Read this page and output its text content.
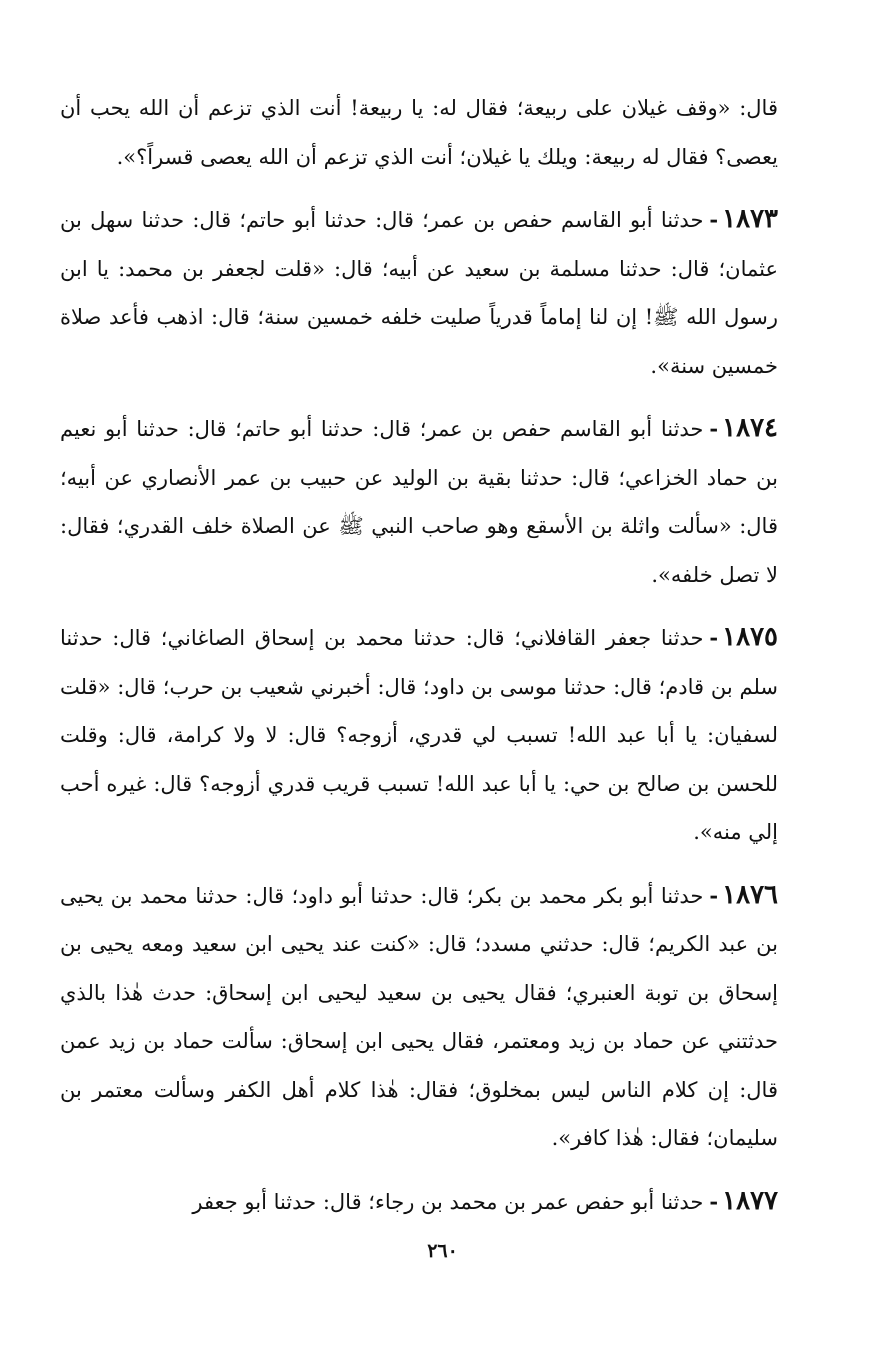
قال: «وقف غيلان على ربيعة؛ فقال له: يا ربيعة! أنت الذي تزعم أن الله يحب أن يعصى؟ فقال له ربيعة: ويلك يا غيلان؛ أنت الذي تزعم أن الله يعصى قسراً؟».

١٨٧٣-حدثنا أبو القاسم حفص بن عمر؛ قال: حدثنا أبو حاتم؛ قال: حدثنا سهل بن عثمان؛ قال: حدثنا مسلمة بن سعيد عن أبيه؛ قال: «قلت لجعفر بن محمد: يا ابن رسول الله ﷺ! إن لنا إماماً قدرياً صليت خلفه خمسين سنة؛ قال: اذهب فأعد صلاة خمسين سنة».

١٨٧٤-حدثنا أبو القاسم حفص بن عمر؛ قال: حدثنا أبو حاتم؛ قال: حدثنا أبو نعيم بن حماد الخزاعي؛ قال: حدثنا بقية بن الوليد عن حبيب بن عمر الأنصاري عن أبيه؛ قال: «سألت واثلة بن الأسقع وهو صاحب النبي ﷺ عن الصلاة خلف القدري؛ فقال: لا تصل خلفه».

١٨٧٥-حدثنا جعفر القافلاني؛ قال: حدثنا محمد بن إسحاق الصاغاني؛ قال: حدثنا سلم بن قادم؛ قال: حدثنا موسى بن داود؛ قال: أخبرني شعيب بن حرب؛ قال: «قلت لسفيان: يا أبا عبد الله! تسبب لي قدري، أزوجه؟ قال: لا ولا كرامة، قال: وقلت للحسن بن صالح بن حي: يا أبا عبد الله! تسبب قريب قدري أزوجه؟ قال: غيره أحب إلي منه».

١٨٧٦-حدثنا أبو بكر محمد بن بكر؛ قال: حدثنا أبو داود؛ قال: حدثنا محمد بن يحيى بن عبد الكريم؛ قال: حدثني مسدد؛ قال: «كنت عند يحيى ابن سعيد ومعه يحيى بن إسحاق بن توبة العنبري؛ فقال يحيى بن سعيد ليحيى ابن إسحاق: حدث هٰذا بالذي حدثتني عن حماد بن زيد ومعتمر، فقال يحيى ابن إسحاق: سألت حماد بن زيد عمن قال: إن كلام الناس ليس بمخلوق؛ فقال: هٰذا كلام أهل الكفر وسألت معتمر بن سليمان؛ فقال: هٰذا كافر».

١٨٧٧-حدثنا أبو حفص عمر بن محمد بن رجاء؛ قال: حدثنا أبو جعفر

٢٦٠
